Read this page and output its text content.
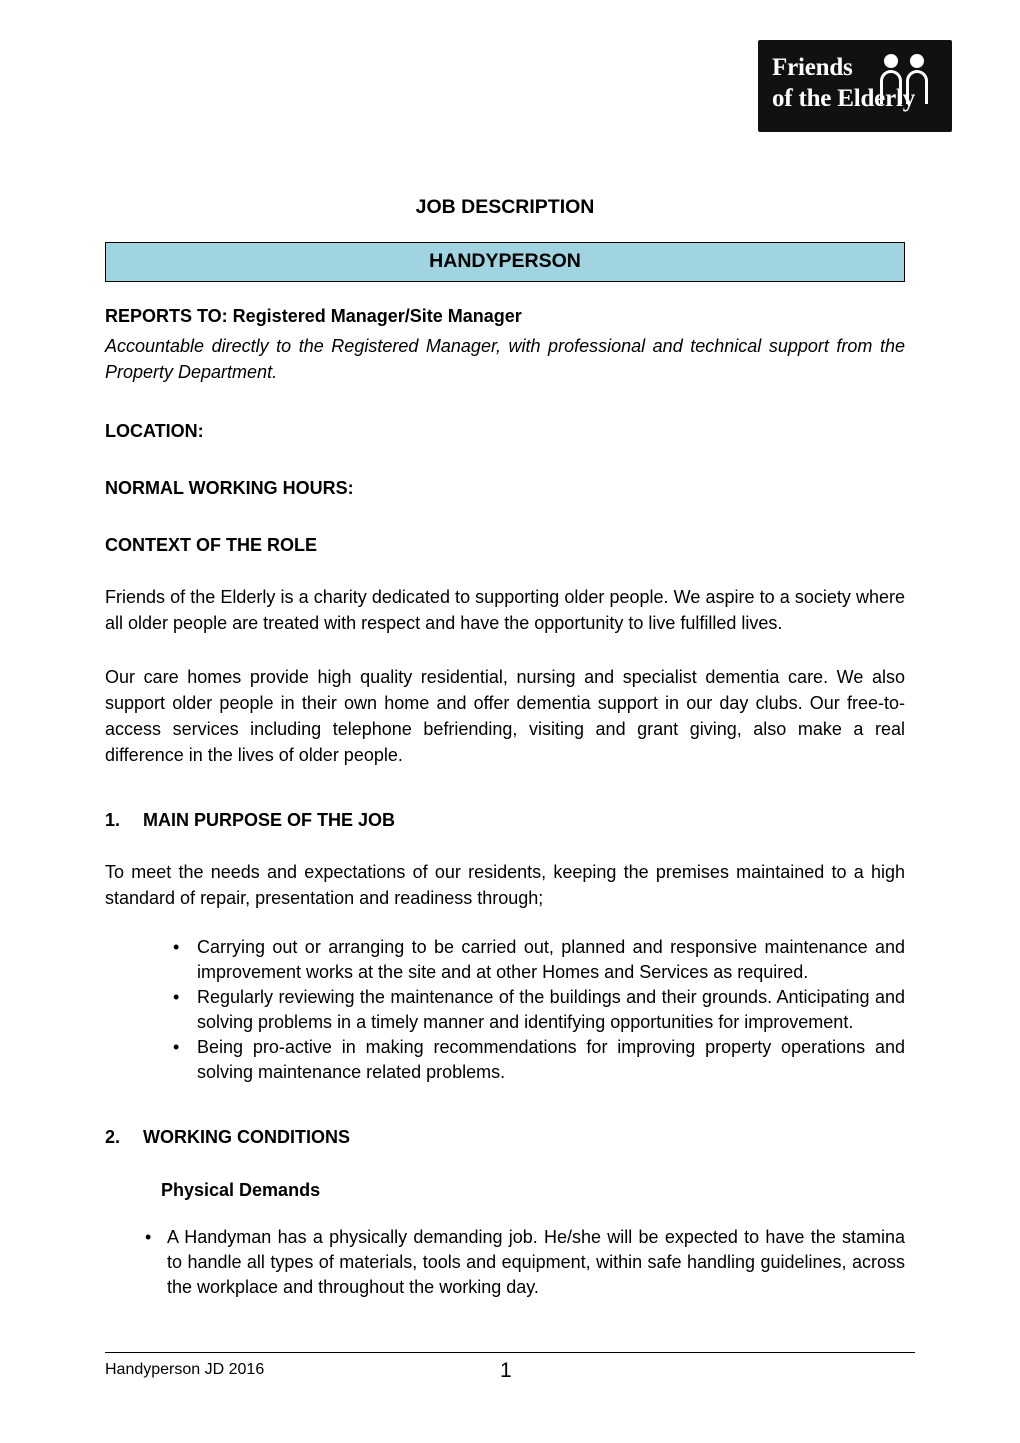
Friends
of the Elderly
JOB DESCRIPTION
HANDYPERSON
REPORTS TO: Registered Manager/Site Manager
Accountable directly to the Registered Manager, with professional and technical support from the Property Department.
LOCATION:
NORMAL WORKING HOURS:
CONTEXT OF THE ROLE

Friends of the Elderly is a charity dedicated to supporting older people. We aspire to a society where all older people are treated with respect and have the opportunity to live fulfilled lives.

Our care homes provide high quality residential, nursing and specialist dementia care. We also support older people in their own home and offer dementia support in our day clubs. Our free-to-access services including telephone befriending, visiting and grant giving, also make a real difference in the lives of older people.

1.	MAIN PURPOSE OF THE JOB

To meet the needs and expectations of our residents, keeping the premises maintained to a high standard of repair, presentation and readiness through;

• Carrying out or arranging to be carried out, planned and responsive maintenance and improvement works at the site and at other Homes and Services as required.
• Regularly reviewing the maintenance of the buildings and their grounds. Anticipating and solving problems in a timely manner and identifying opportunities for improvement.
• Being pro-active in making recommendations for improving property operations and solving maintenance related problems.
2.	WORKING CONDITIONS
Physical Demands
• A Handyman has a physically demanding job. He/she will be expected to have the stamina to handle all types of materials, tools and equipment, within safe handling guidelines, across the workplace and throughout the working day.
Handyperson JD 2016	1
